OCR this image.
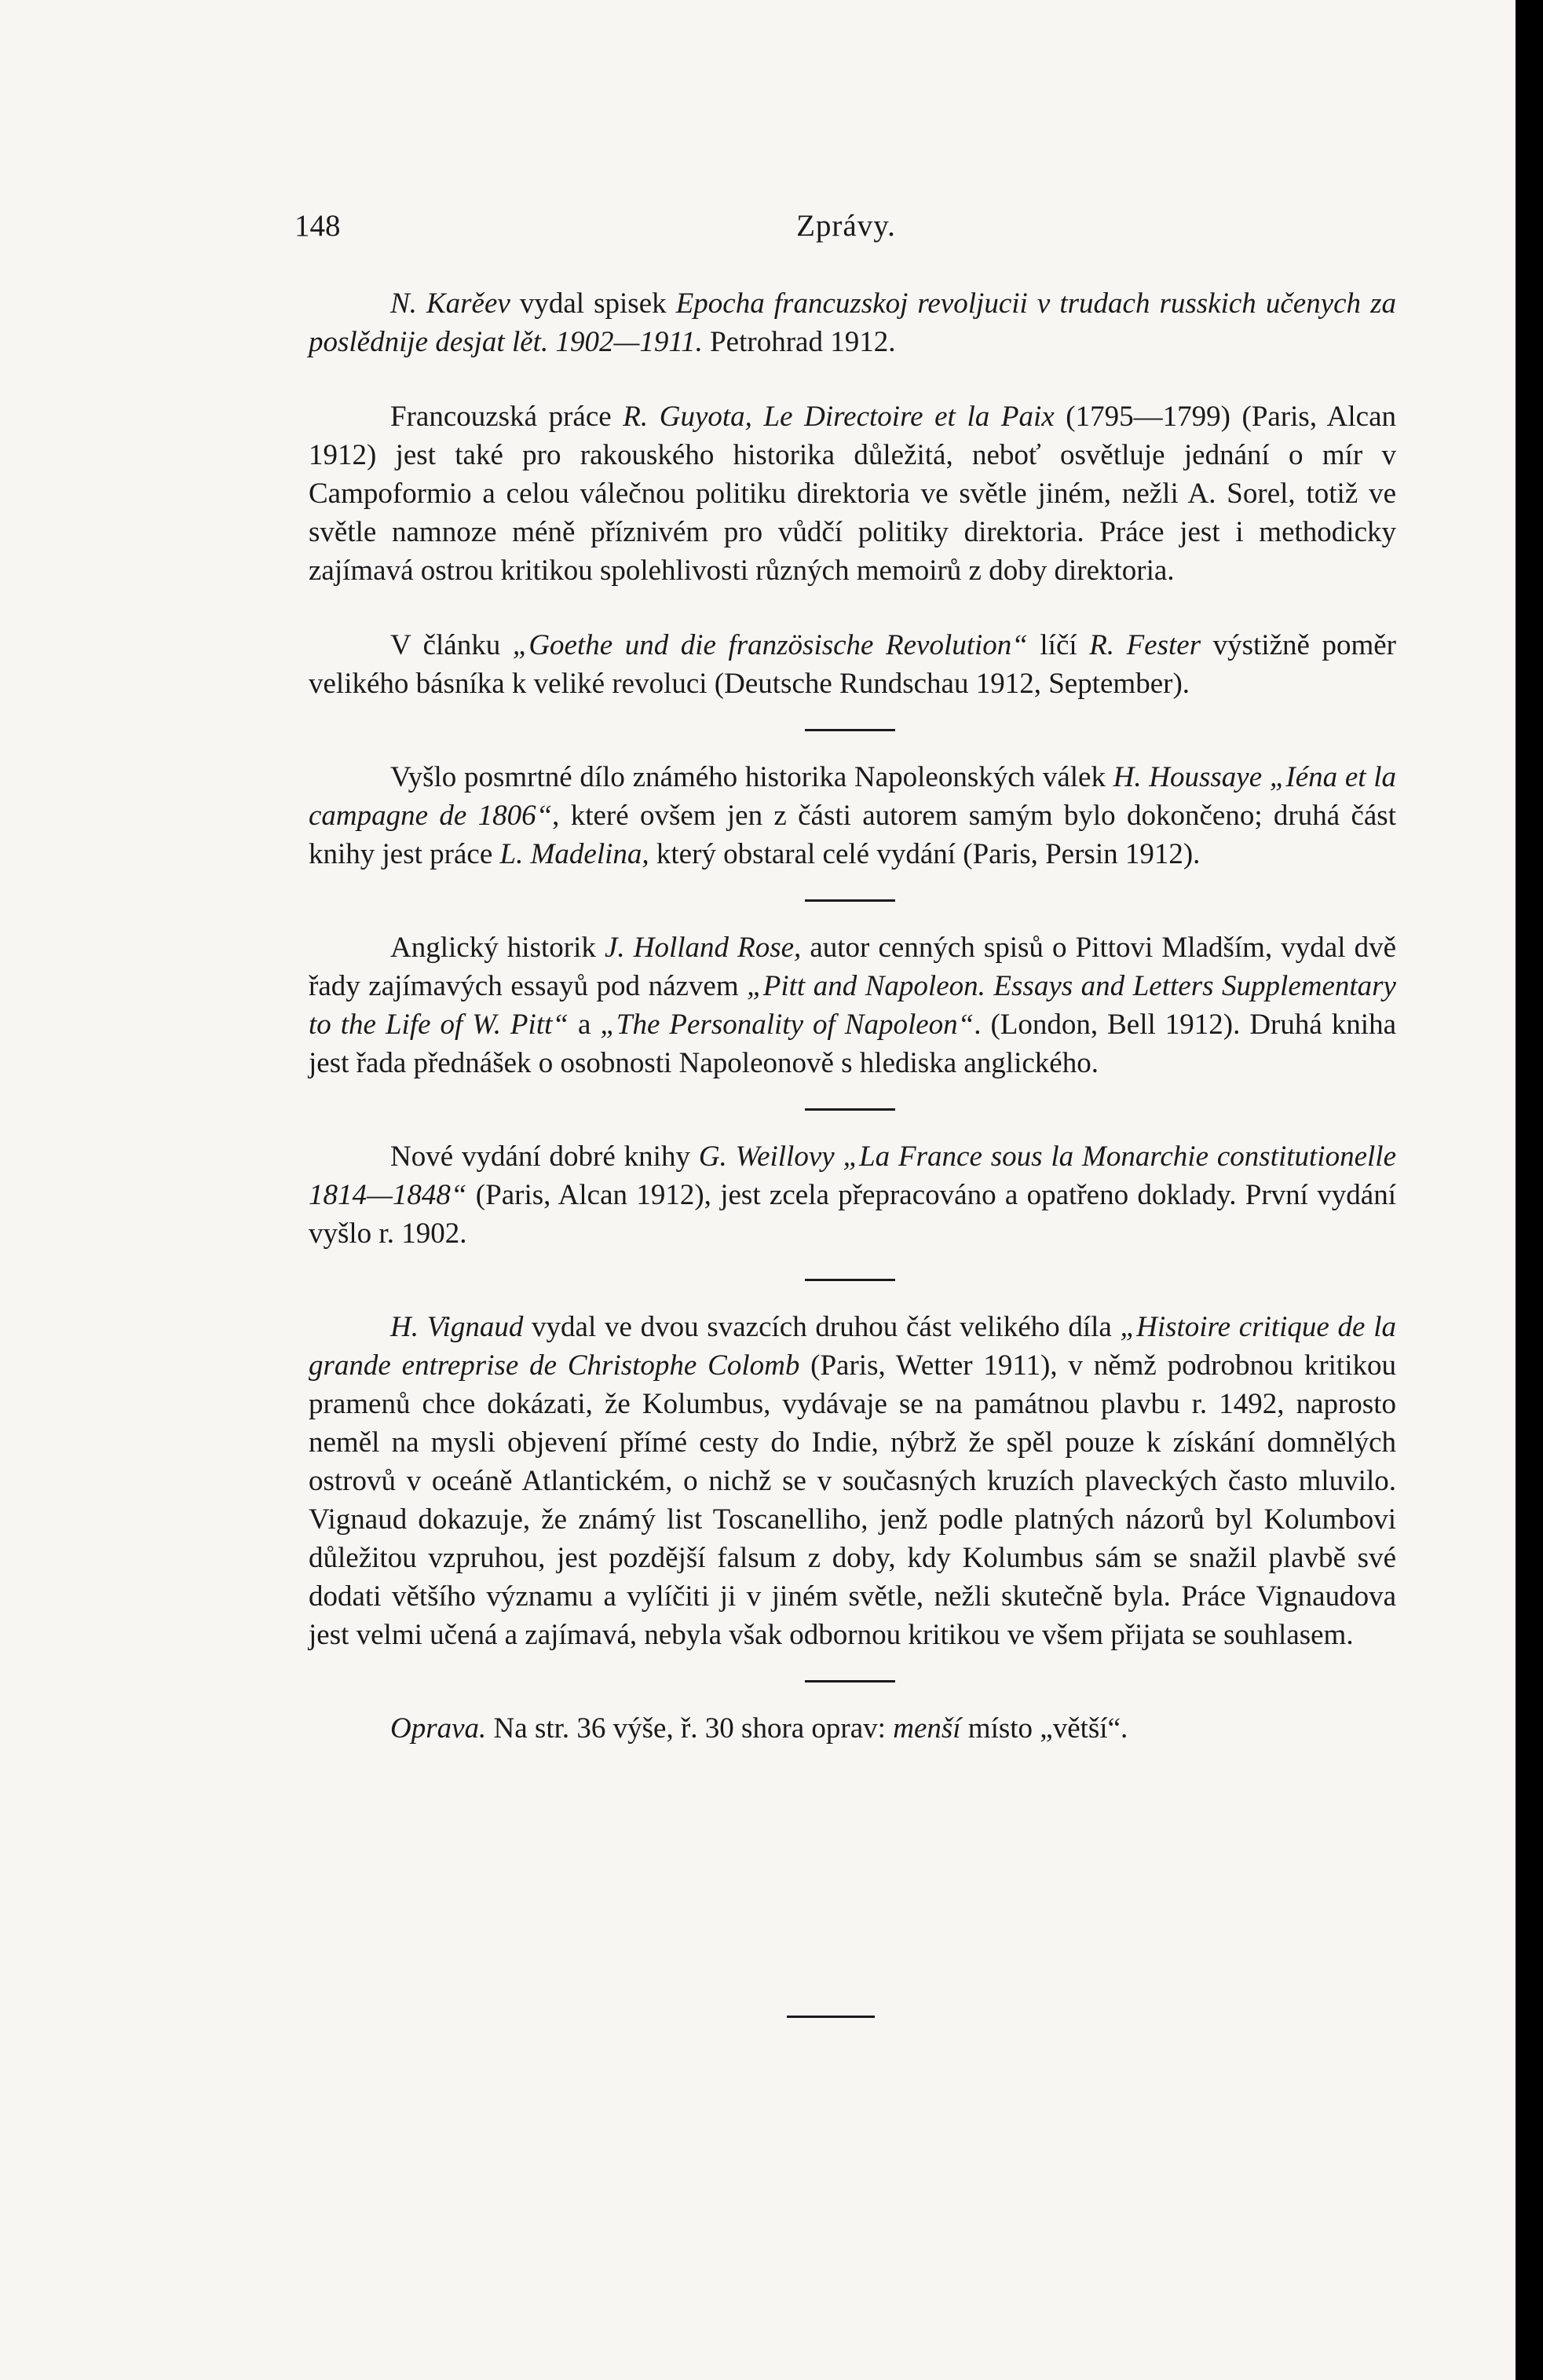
148	Zprávy.

N. Karěev vydal spisek Epocha francuzskoj revoljucii v trudach russkich učenych za poslědnije desjat lět. 1902—1911. Petrohrad 1912.

Francouzská práce R. Guyota, Le Directoire et la Paix (1795—1799) (Paris, Alcan 1912) jest také pro rakouského historika důležitá, neboť osvětluje jednání o mír v Campoformio a celou válečnou politiku direktoria ve světle jiném, nežli A. Sorel, totiž ve světle namnoze méně příznivém pro vůdčí politiky direktoria. Práce jest i methodicky zajímavá ostrou kritikou spolehlivosti různých memoirů z doby direktoria.

V článku „Goethe und die französische Revolution“ líčí R. Fester výstižně poměr velikého básníka k veliké revoluci (Deutsche Rundschau 1912, September).

Vyšlo posmrtné dílo známého historika Napoleonských válek H. Houssaye „Iéna et la campagne de 1806“, které ovšem jen z části autorem samým bylo dokončeno; druhá část knihy jest práce L. Madelina, který obstaral celé vydání (Paris, Persin 1912).

Anglický historik J. Holland Rose, autor cenných spisů o Pittovi Mladším, vydal dvě řady zajímavých essayů pod názvem „Pitt and Napoleon. Essays and Letters Supplementary to the Life of W. Pitt“ a „The Personality of Napoleon“. (London, Bell 1912). Druhá kniha jest řada přednášek o osobnosti Napoleonově s hlediska anglického.

Nové vydání dobré knihy G. Weillovy „La France sous la Monarchie constitutionelle 1814—1848“ (Paris, Alcan 1912), jest zcela přepracováno a opatřeno doklady. První vydání vyšlo r. 1902.

H. Vignaud vydal ve dvou svazcích druhou část velikého díla „Histoire critique de la grande entreprise de Christophe Colomb (Paris, Wetter 1911), v němž podrobnou kritikou pramenů chce dokázati, že Kolumbus, vydávaje se na památnou plavbu r. 1492, naprosto neměl na mysli objevení přímé cesty do Indie, nýbrž že spěl pouze k získání domnělých ostrovů v oceáně Atlantickém, o nichž se v současných kruzích plaveckých často mluvilo. Vignaud dokazuje, že známý list Toscanelliho, jenž podle platných názorů byl Kolumbovi důležitou vzpruhou, jest pozdější falsum z doby, kdy Kolumbus sám se snažil plavbě své dodati většího významu a vylíčiti ji v jiném světle, nežli skutečně byla. Práce Vignaudova jest velmi učená a zajímavá, nebyla však odbornou kritikou ve všem přijata se souhlasem.

Oprava. Na str. 36 výše, ř. 30 shora oprav: menší místo „větší“.
